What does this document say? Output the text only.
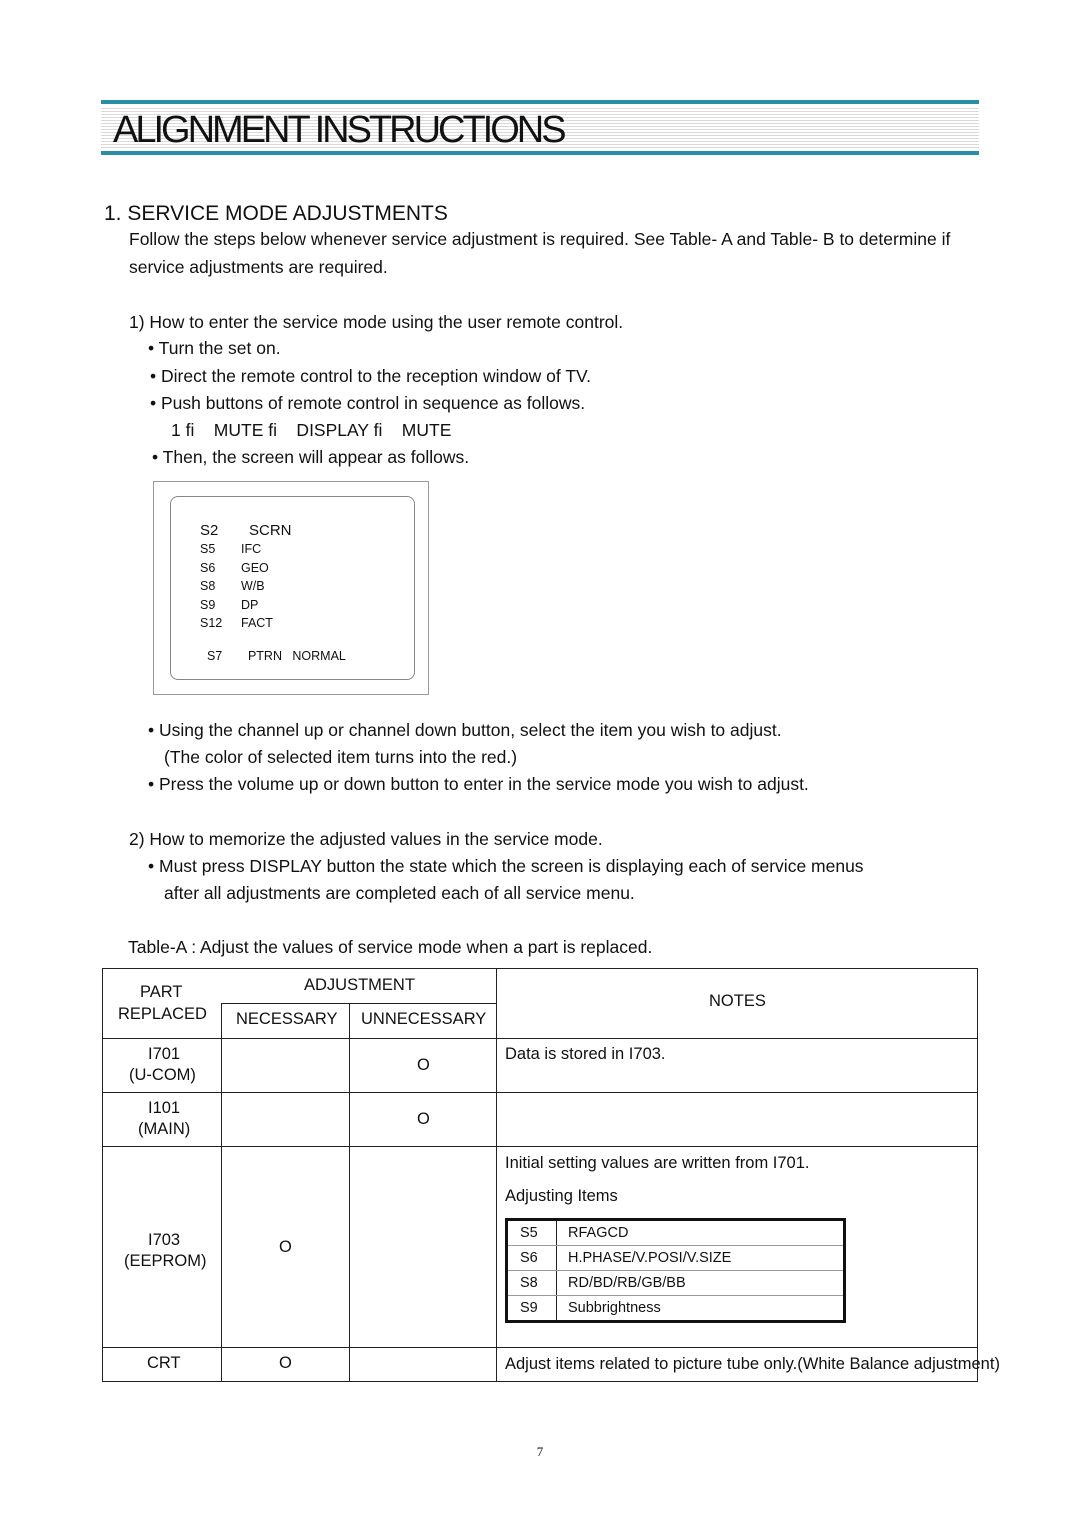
ALIGNMENT INSTRUCTIONS
1. SERVICE MODE ADJUSTMENTS
Follow the steps below whenever service adjustment is required. See Table- A and Table- B to determine if
service adjustments are required.
1) How to enter the service mode using the user remote control.
• Turn the set on.
• Direct the remote control to the reception window of TV.
• Push buttons of remote control in sequence as follows.
1 fi    MUTE fi    DISPLAY fi    MUTE
• Then, the screen will appear as follows.
S2 SCRN
S5 IFC
S6 GEO
S8 W/B
S9 DP
S12 FACT

S7 PTRN   NORMAL

• Using the channel up or channel down button, select the item you wish to adjust.
(The color of selected item turns into the red.)
• Press the volume up or down button to enter in the service mode you wish to adjust.
2) How to memorize the adjusted values in the service mode.
• Must press DISPLAY button the state which the screen is displaying each of service menus
after all adjustments are completed each of all service menu.
Table-A : Adjust the values of service mode when a part is replaced.
PART
REPLACED
ADJUSTMENT
NECESSARY UNNECESSARY
NOTES
I701
(U-COM)
O
Data is stored in I703.
I101
(MAIN)
O
I703
(EEPROM)
O
Initial setting values are written from I701.
Adjusting Items
S5 RFAGCD
S6 H.PHASE/V.POSI/V.SIZE
S8 RD/BD/RB/GB/BB
S9 Subbrightness
CRT	O	Adjust items related to picture tube only.(White Balance adjustment)
7
